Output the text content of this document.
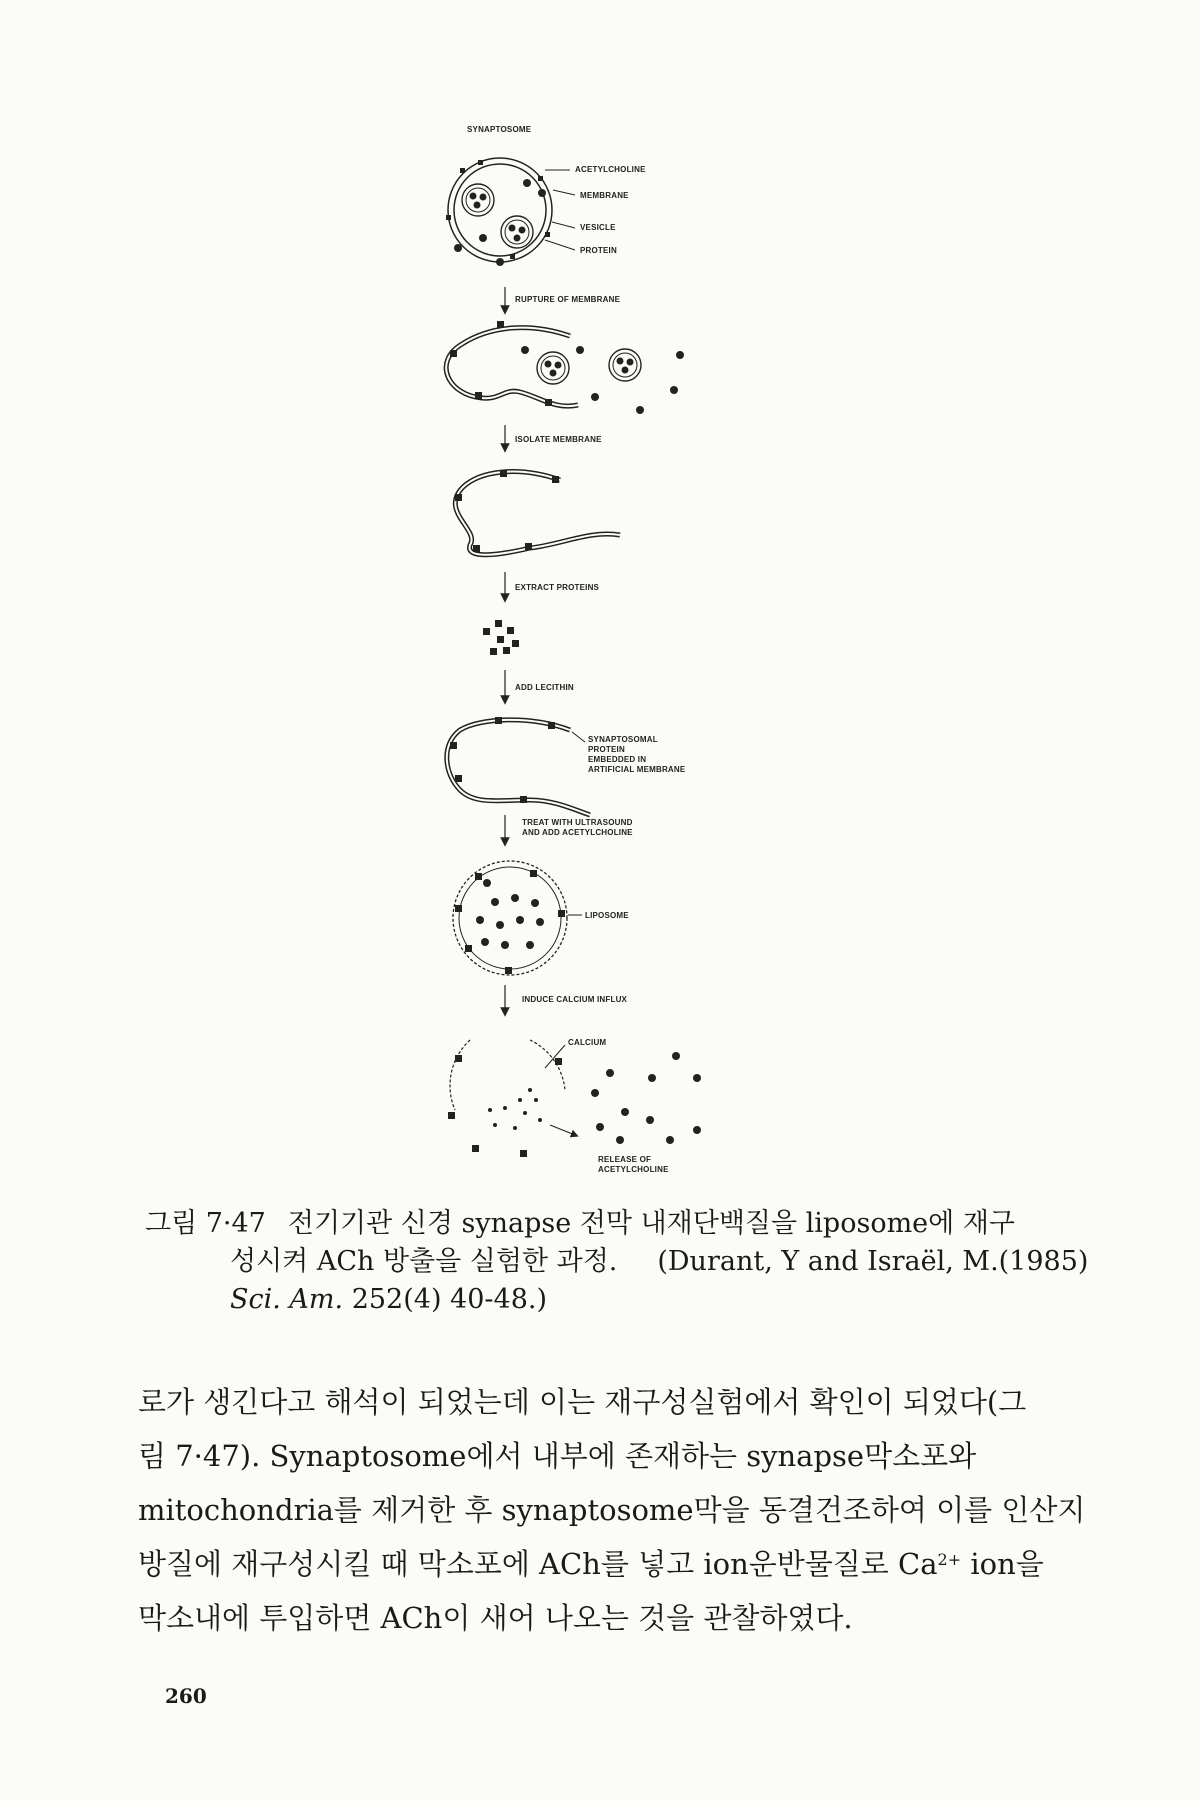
SYNAPTOSOME
ACETYLCHOLINE
MEMBRANE
VESICLE
PROTEIN
RUPTURE OF MEMBRANE
ISOLATE MEMBRANE
EXTRACT PROTEINS
ADD LECITHIN
SYNAPTOSOMAL
PROTEIN
EMBEDDED IN
ARTIFICIAL MEMBRANE
TREAT WITH ULTRASOUND
AND ADD ACETYLCHOLINE
LIPOSOME
INDUCE CALCIUM INFLUX
CALCIUM
RELEASE OF
ACETYLCHOLINE
그림 7·47 전기기관 신경 synapse 전막 내재단백질을 liposome에 재구
성시켜 ACh 방출을 실험한 과정. (Durant, Y and Israël, M.(1985)
Sci. Am. 252(4) 40-48.)
로가 생긴다고 해석이 되었는데 이는 재구성실험에서 확인이 되었다(그
림 7·47). Synaptosome에서 내부에 존재하는 synapse막소포와
mitochondria를 제거한 후 synaptosome막을 동결건조하여 이를 인산지
방질에 재구성시킬 때 막소포에 ACh를 넣고 ion운반물질로 $Ca^{2+}$ ion을
막소내에 투입하면 ACh이 새어 나오는 것을 관찰하였다.
260
